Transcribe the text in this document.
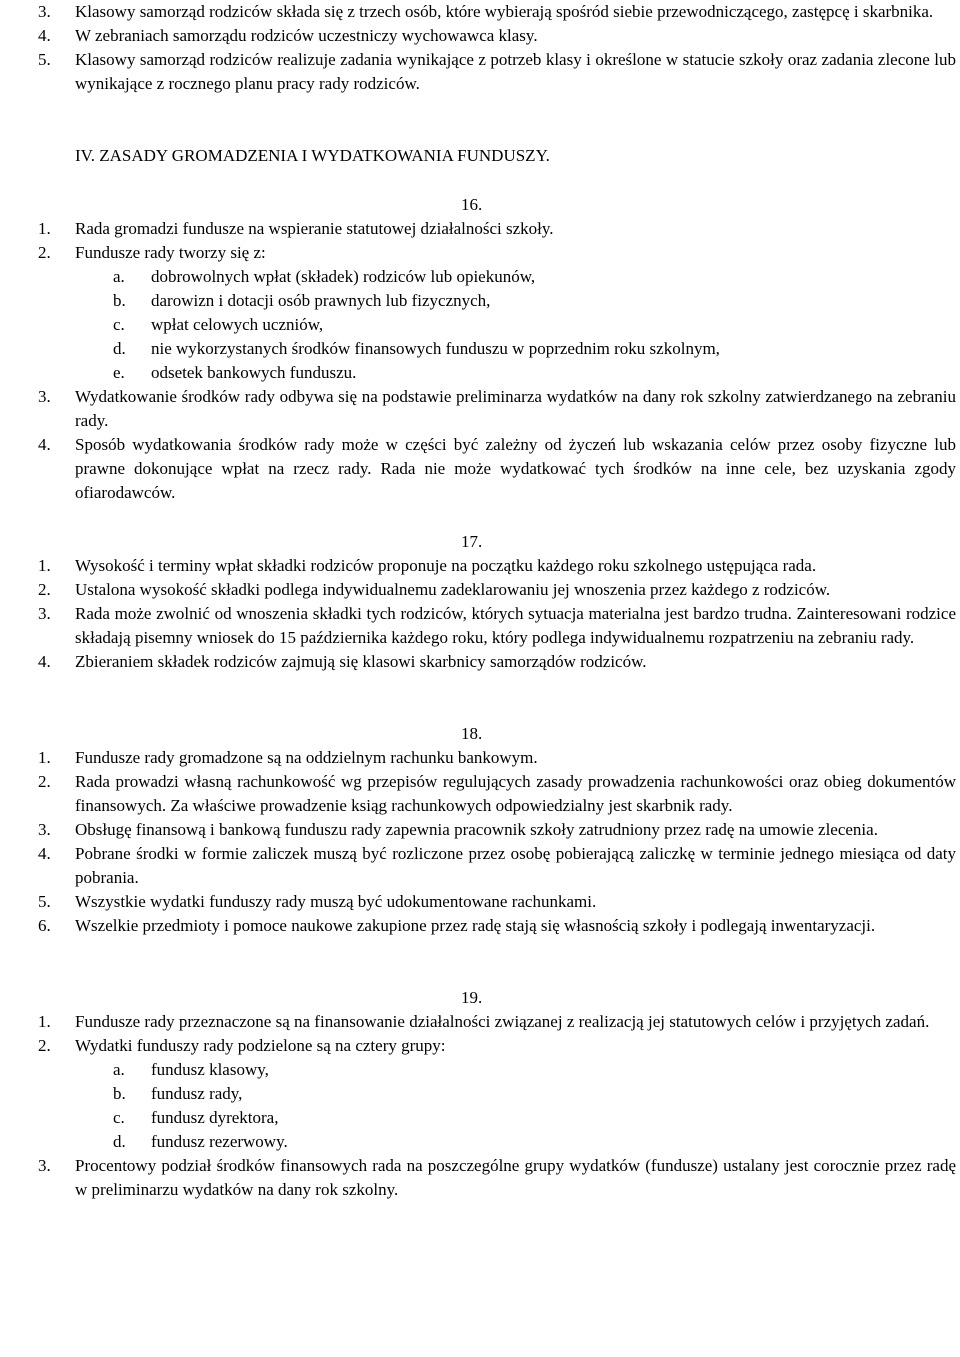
3.	Klasowy samorząd rodziców składa się z trzech osób, które wybierają spośród siebie przewodniczącego, zastępcę i skarbnika.
4.	W zebraniach samorządu rodziców uczestniczy wychowawca klasy.
5.	Klasowy samorząd rodziców realizuje zadania wynikające z potrzeb klasy i określone w statucie szkoły oraz zadania zlecone lub wynikające z rocznego planu pracy rady rodziców.
IV. ZASADY GROMADZENIA I WYDATKOWANIA FUNDUSZY.
16.
1.	Rada gromadzi fundusze na wspieranie statutowej działalności szkoły.
2.	Fundusze rady tworzy się z:
a.	dobrowolnych wpłat (składek) rodziców lub opiekunów,
b.	darowizn i dotacji osób prawnych lub fizycznych,
c.	wpłat celowych uczniów,
d.	nie wykorzystanych środków finansowych funduszu w poprzednim roku szkolnym,
e.	odsetek bankowych funduszu.
3.	Wydatkowanie środków rady odbywa się na podstawie preliminarza wydatków na dany rok szkolny zatwierdzanego na zebraniu rady.
4.	Sposób wydatkowania środków rady może w części być zależny od życzeń lub wskazania celów przez osoby fizyczne lub prawne dokonujące wpłat na rzecz rady. Rada nie może wydatkować tych środków na inne cele, bez uzyskania zgody ofiarodawców.
17.
1.	Wysokość i terminy wpłat składki rodziców proponuje na początku każdego roku szkolnego ustępująca rada.
2.	Ustalona wysokość składki podlega indywidualnemu zadeklarowaniu jej wnoszenia przez każdego z rodziców.
3.	Rada może zwolnić od wnoszenia składki tych rodziców, których sytuacja materialna jest bardzo trudna. Zainteresowani rodzice składają pisemny wniosek do 15 października każdego roku, który podlega indywidualnemu rozpatrzeniu na zebraniu rady.
4.	Zbieraniem składek rodziców zajmują się klasowi skarbnicy samorządów rodziców.
18.
1.	Fundusze rady gromadzone są na oddzielnym rachunku bankowym.
2.	Rada prowadzi własną rachunkowość wg przepisów regulujących zasady prowadzenia rachunkowości oraz obieg dokumentów finansowych. Za właściwe prowadzenie ksiąg rachunkowych odpowiedzialny jest skarbnik rady.
3.	Obsługę finansową i bankową funduszu rady zapewnia pracownik szkoły zatrudniony przez radę na umowie zlecenia.
4.	Pobrane środki w formie zaliczek muszą być rozliczone przez osobę pobierającą zaliczkę w terminie jednego miesiąca od daty pobrania.
5.	Wszystkie wydatki funduszy rady muszą być udokumentowane rachunkami.
6.	Wszelkie przedmioty i pomoce naukowe zakupione przez radę stają się własnością szkoły i podlegają inwentaryzacji.
19.
1.	Fundusze rady przeznaczone są na finansowanie działalności związanej z realizacją jej statutowych celów i przyjętych zadań.
2.	Wydatki funduszy rady podzielone są na cztery grupy:
a.	fundusz klasowy,
b.	fundusz rady,
c.	fundusz dyrektora,
d.	fundusz rezerwowy.
3.	Procentowy podział środków finansowych rada na poszczególne grupy wydatków (fundusze) ustalany jest corocznie przez radę w preliminarzu wydatków na dany rok szkolny.
